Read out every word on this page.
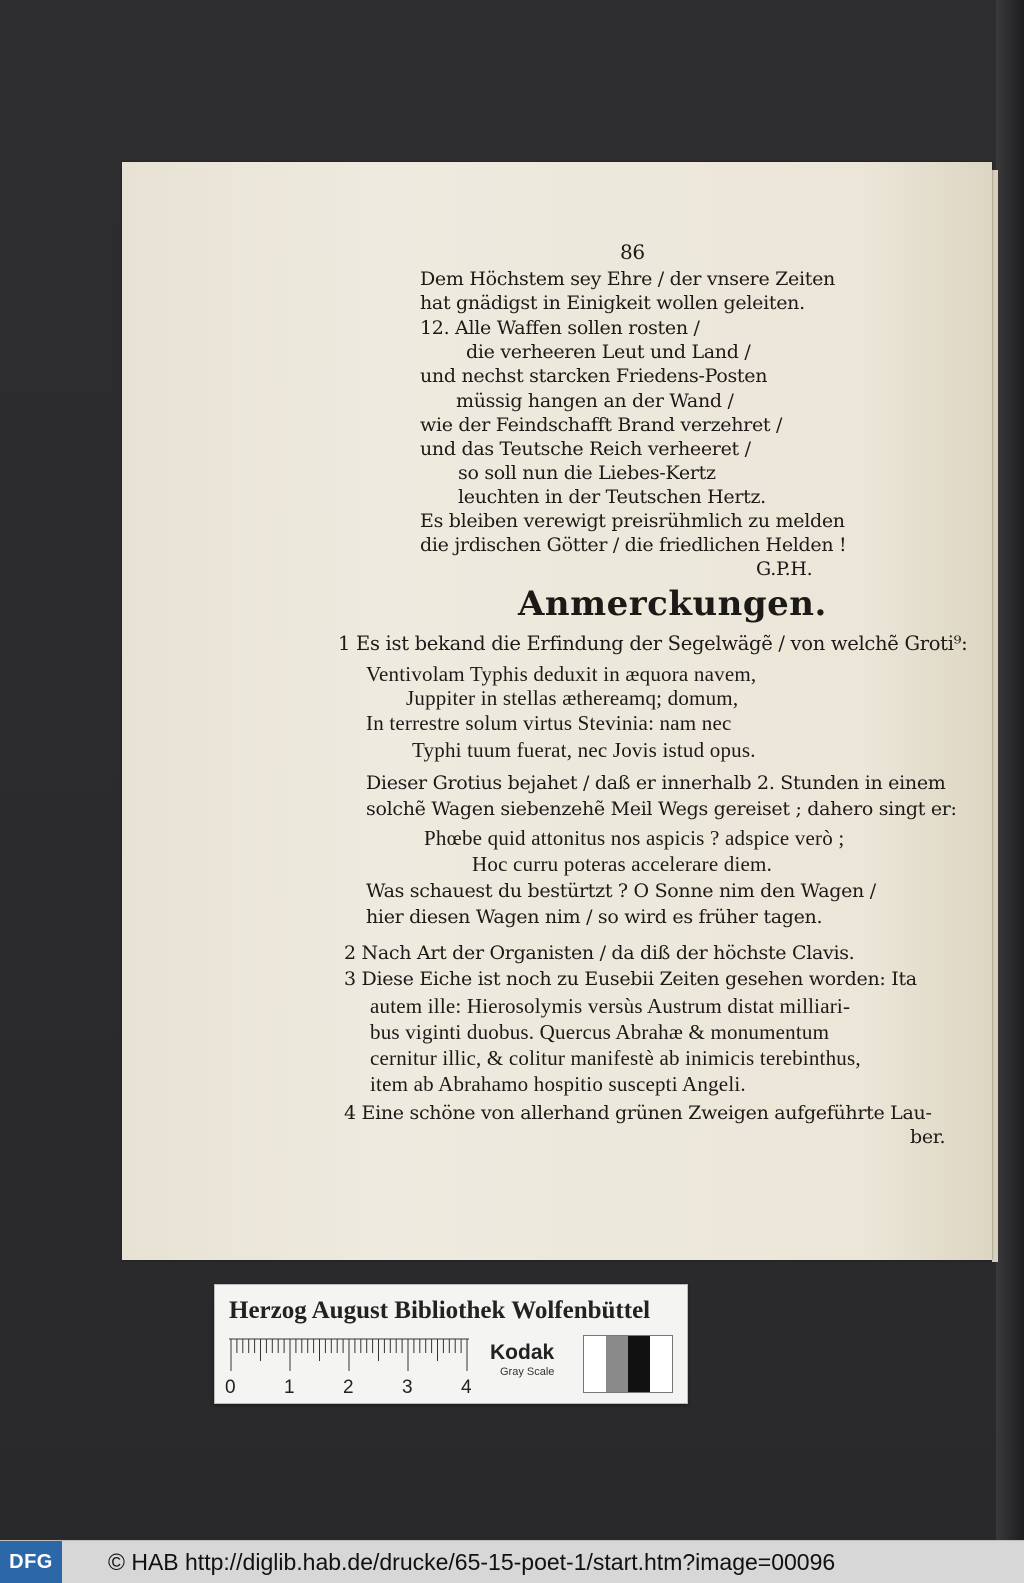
86
Dem Höchstem sey Ehre / der vnsere Zeiten
hat gnädigst in Einigkeit wollen geleiten.
12. Alle Waffen sollen rosten /
die verheeren Leut und Land /
und nechst starcken Friedens-Posten
müssig hangen an der Wand /
wie der Feindschafft Brand verzehret /
und das Teutsche Reich verheeret /
so soll nun die Liebes-Kertz
leuchten in der Teutschen Hertz.
Es bleiben verewigt preisrühmlich zu melden
die jrdischen Götter / die friedlichen Helden !
G.P.H.
Anmerckungen.
1 Es ist bekand die Erfindung der Segelwägẽ / von welchẽ Groti⁹:
Ventivolam Typhis deduxit in æquora navem,
Juppiter in stellas æthereamq; domum,
In terrestre solum virtus Stevinia: nam nec
Typhi tuum fuerat, nec Jovis istud opus.
Dieser Grotius bejahet / daß er innerhalb 2. Stunden in einem
solchẽ Wagen siebenzehẽ Meil Wegs gereiset ; dahero singt er:
Phœbe quid attonitus nos aspicis ? adspice verò ;
Hoc curru poteras accelerare diem.
Was schauest du bestürtzt ? O Sonne nim den Wagen /
hier diesen Wagen nim / so wird es früher tagen.
2 Nach Art der Organisten / da diß der höchste Clavis.
3 Diese Eiche ist noch zu Eusebii Zeiten gesehen worden: Ita
autem ille: Hierosolymis versùs Austrum distat milliari-
bus viginti duobus. Quercus Abrahæ & monumentum
cernitur illic, & colitur manifestè ab inimicis terebinthus,
item ab Abrahamo hospitio suscepti Angeli.
4 Eine schöne von allerhand grünen Zweigen aufgeführte Lau-
ber.
Herzog August Bibliothek Wolfenbüttel
0	1	2	3	4
Kodak
Gray Scale
DFG	© HAB http://diglib.hab.de/drucke/65-15-poet-1/start.htm?image=00096
